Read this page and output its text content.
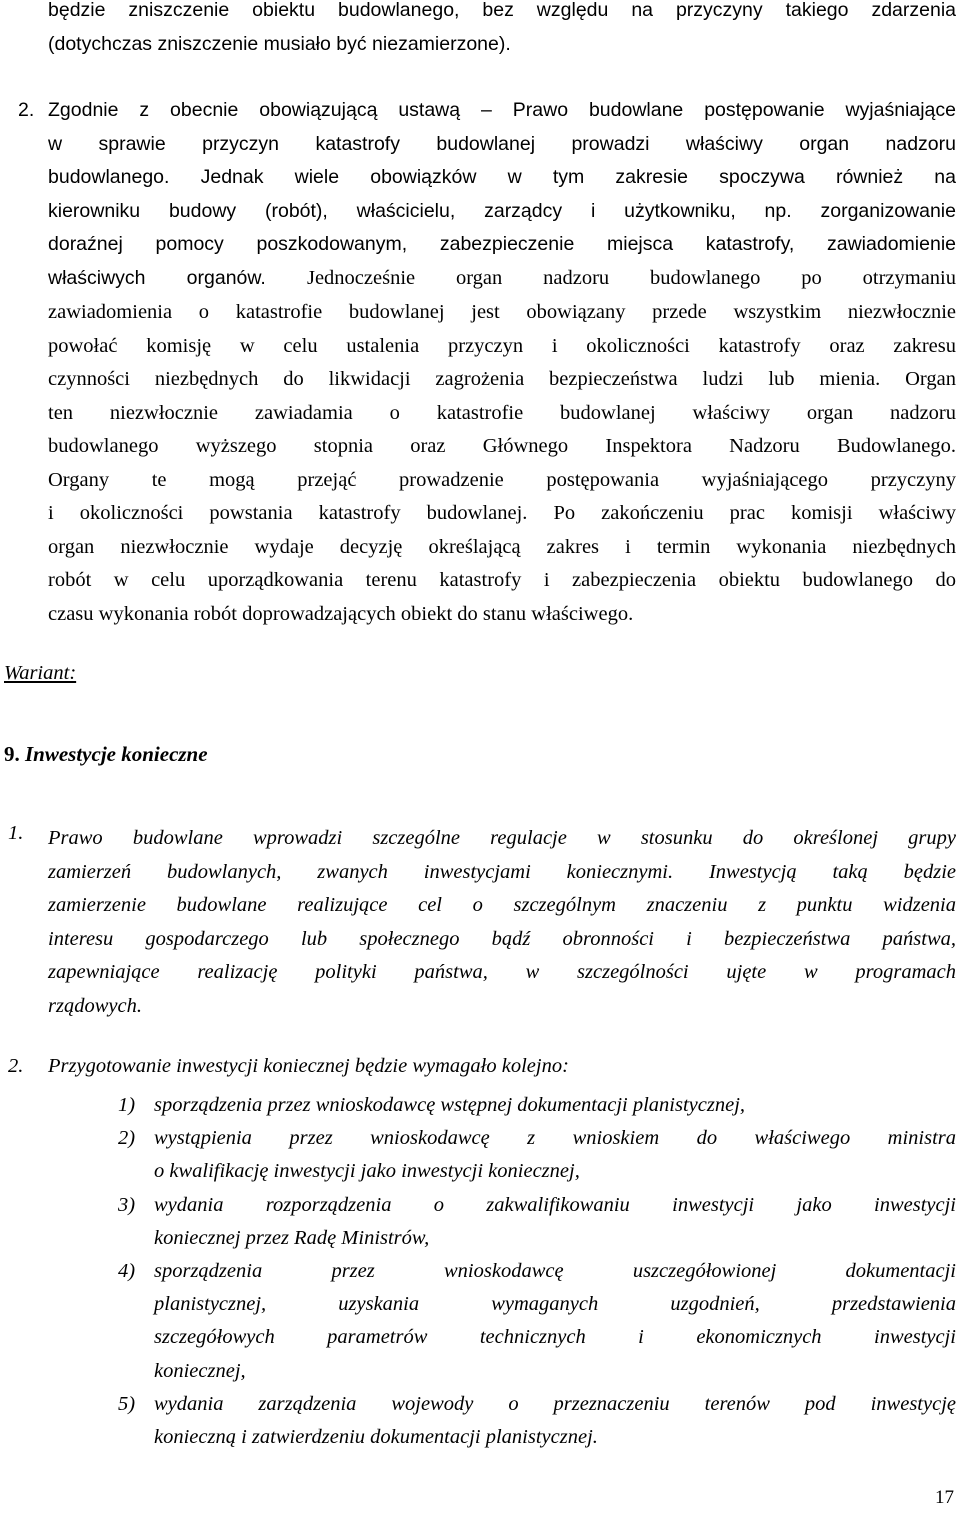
będzie zniszczenie obiektu budowlanego, bez względu na przyczyny takiego zdarzenia
(dotychczas zniszczenie musiało być niezamierzone).
2. Zgodnie z obecnie obowiązującą ustawą – Prawo budowlane postępowanie wyjaśniające
w sprawie przyczyn katastrofy budowlanej prowadzi właściwy organ nadzoru
budowlanego. Jednak wiele obowiązków w tym zakresie spoczywa również na
kierowniku budowy (robót), właścicielu, zarządcy i użytkowniku, np. zorganizowanie
doraźnej pomocy poszkodowanym, zabezpieczenie miejsca katastrofy, zawiadomienie
właściwych organów. Jednocześnie organ nadzoru budowlanego po otrzymaniu
zawiadomienia o katastrofie budowlanej jest obowiązany przede wszystkim niezwłocznie
powołać komisję w celu ustalenia przyczyn i okoliczności katastrofy oraz zakresu
czynności niezbędnych do likwidacji zagrożenia bezpieczeństwa ludzi lub mienia. Organ
ten niezwłocznie zawiadamia o katastrofie budowlanej właściwy organ nadzoru
budowlanego wyższego stopnia oraz Głównego Inspektora Nadzoru Budowlanego.
Organy te mogą przejąć prowadzenie postępowania wyjaśniającego przyczyny
i okoliczności powstania katastrofy budowlanej. Po zakończeniu prac komisji właściwy
organ niezwłocznie wydaje decyzję określającą zakres i termin wykonania niezbędnych
robót w celu uporządkowania terenu katastrofy i zabezpieczenia obiektu budowlanego do
czasu wykonania robót doprowadzających obiekt do stanu właściwego.
Wariant:
9. Inwestycje konieczne
1. Prawo budowlane wprowadzi szczególne regulacje w stosunku do określonej grupy
zamierzeń budowlanych, zwanych inwestycjami koniecznymi. Inwestycją taką będzie
zamierzenie budowlane realizujące cel o szczególnym znaczeniu z punktu widzenia
interesu gospodarczego lub społecznego bądź obronności i bezpieczeństwa państwa,
zapewniające realizację polityki państwa, w szczególności ujęte w programach
rządowych.
2. Przygotowanie inwestycji koniecznej będzie wymagało kolejno:
1) sporządzenia przez wnioskodawcę wstępnej dokumentacji planistycznej,
2) wystąpienia przez wnioskodawcę z wnioskiem do właściwego ministra
o kwalifikację inwestycji jako inwestycji koniecznej,
3) wydania rozporządzenia o zakwalifikowaniu inwestycji jako inwestycji
koniecznej przez Radę Ministrów,
4) sporządzenia przez wnioskodawcę uszczegółowionej dokumentacji
planistycznej, uzyskania wymaganych uzgodnień, przedstawienia
szczegółowych parametrów technicznych i ekonomicznych inwestycji
koniecznej,
5) wydania zarządzenia wojewody o przeznaczeniu terenów pod inwestycję
konieczną i zatwierdzeniu dokumentacji planistycznej.
17
